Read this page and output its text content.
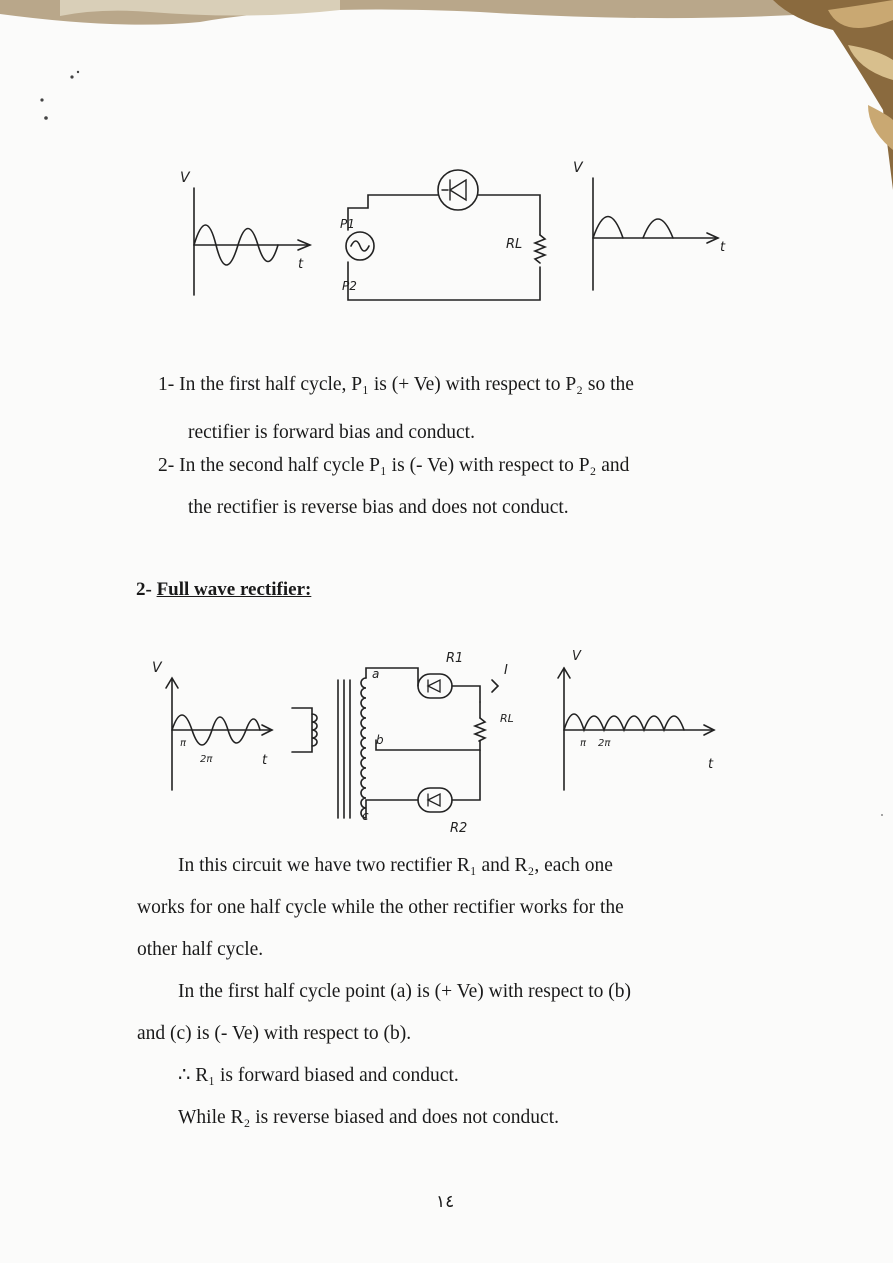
V
t
P1
P2
RL
V
t
1- In the first half cycle, P₁ is (+ Ve) with respect to P₂ so the
rectifier is forward bias and conduct.
2- In the second half cycle P₁ is (- Ve) with respect to P₂ and
the rectifier is reverse bias and does not conduct.
2- Full wave rectifier:
V
π
2π	t
a
b
c
R1
R2
I
RL
V
π 2π
t
In this circuit we have two rectifier R₁ and R₂, each one
works for one half cycle while the other rectifier works for the
other half cycle.
In the first half cycle point (a) is (+ Ve) with respect to (b)
and (c) is (- Ve) with respect to (b).
∴ R₁ is forward biased and conduct.
While R₂ is reverse biased and does not conduct.
١٤
